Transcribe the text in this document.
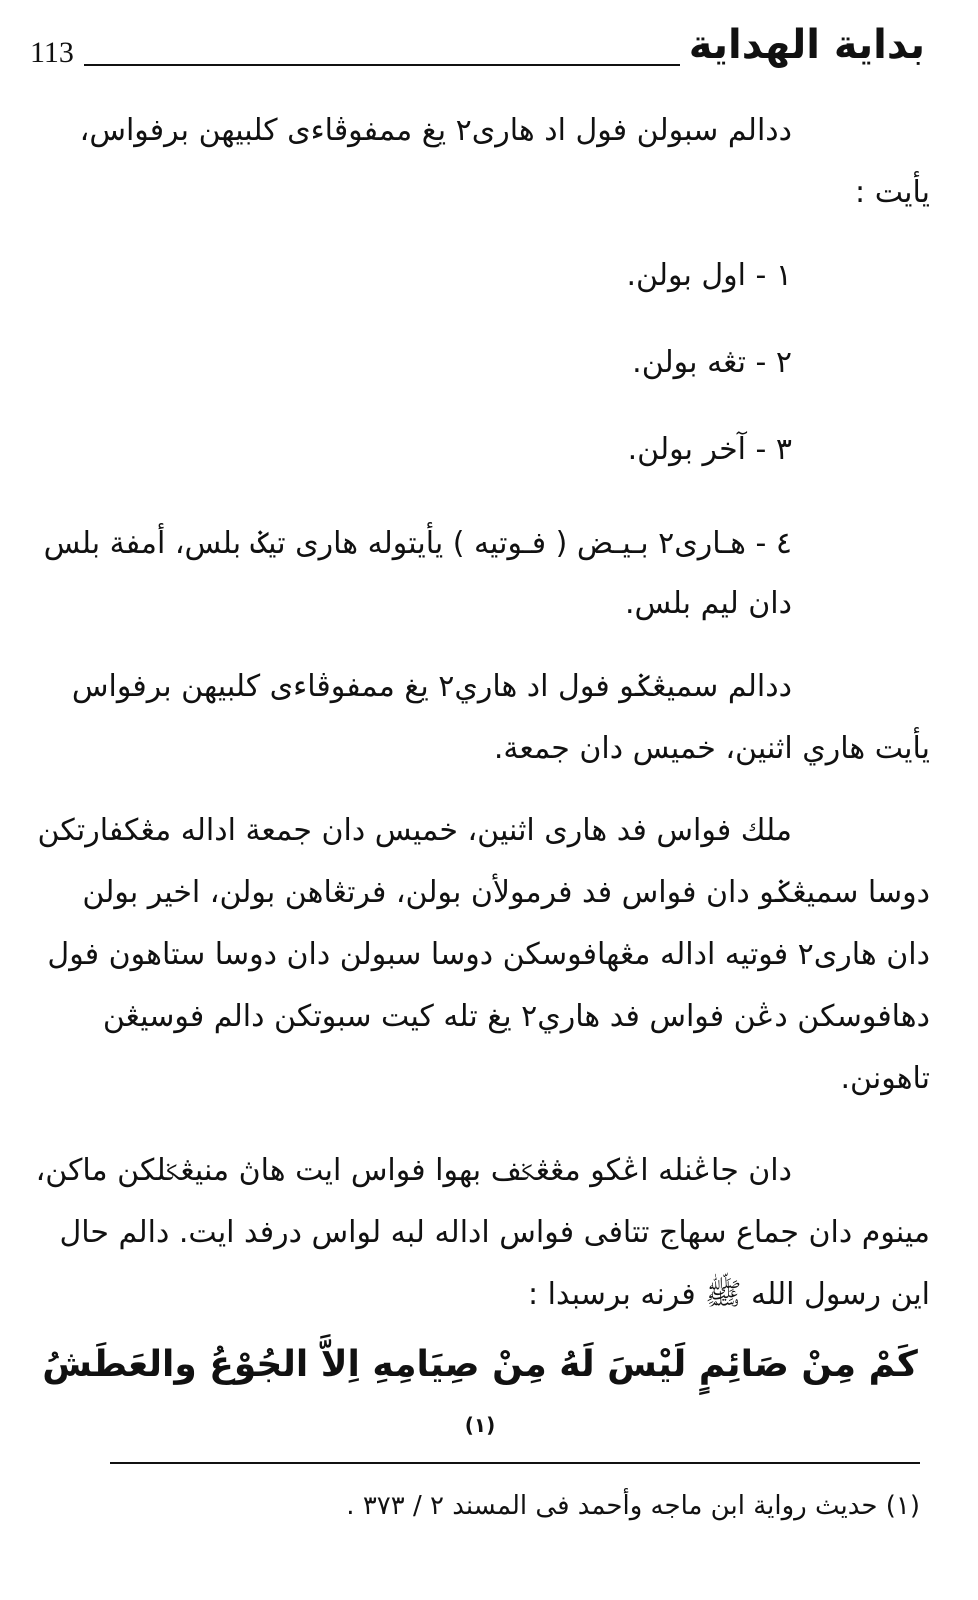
113	بداية الهداية
ددالم سبولن فول اد هارى٢ يغ ممفوڤاءى كلبيهن برفواس، يأيت :
١ - اول بولن.
٢ - تڠه بولن.
٣ - آخر بولن.
٤ - هـارى٢ بـيـض ( فـوتيه ) يأيتوله هارى تيݢ بلس، أمفة بلس دان ليم بلس.
ددالم سميڠݢو فول اد هاري٢ يغ ممفوڤاءى كلبيهن برفواس يأيت هاري اثنين، خميس دان جمعة.
ملك فواس فد هارى اثنين، خميس دان جمعة اداله مڠكفارتكن دوسا سميڠݢو دان فواس فد فرمولأن بولن، فرتڠاهن بولن، اخير بولن دان هارى٢ فوتيه اداله مڠهافوسكن دوسا سبولن دان دوسا ستاهون فول دهافوسكن دڠن فواس فد هاري٢ يغ تله كيت سبوتكن دالم فوسيڠن تاهونن.
دان جاڠنله اڠكو مڠڠݢف بهوا فواس ايت هاڽ منيڠݢلكن ماكن، مينوم دان جماع سهاج تتافى فواس اداله لبه لواس درفد ايت. دالم حال اين رسول الله ﷺ فرنه برسبدا :
كَمْ مِنْ صَائِمٍ لَيْسَ لَهُ مِنْ صِيَامِهِ اِلاَّ الجُوْعُ والعَطَشُ $^{(١)}$
(١) حديث رواية ابن ماجه وأحمد فى المسند ٢ / ٣٧٣ .
